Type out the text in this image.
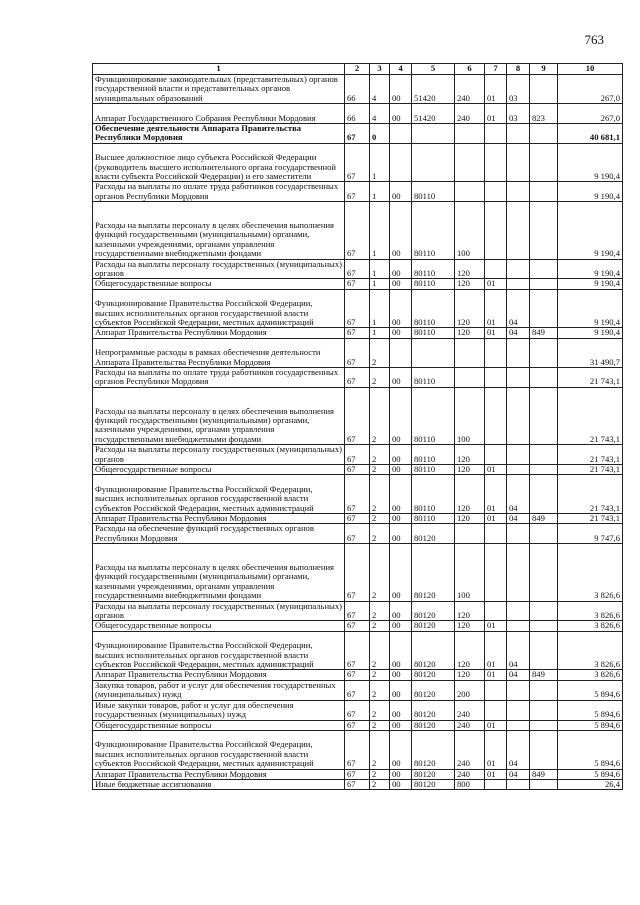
763
1	2	3	4	5	6	7	8	9	10
Функционирование законодательных (представительных) органов государственной власти и представительных органов муниципальных образований	66	4	00	51420	240	01	03		267,0
Аппарат Государственного Собрания Республики Мордовия	66	4	00	51420	240	01	03	823	267,0
Обеспечение деятельности Аппарата Правительства Республики Мордовия	67	0							40 681,1
Высшее должностное лицо субъекта Российской Федерации (руководитель высшего исполнительного органа государственной власти субъекта Российской Федерации) и его заместители	67	1							9 190,4
Расходы на выплаты по оплате труда работников государственных органов Республики Мордовия	67	1	00	80110					9 190,4
Расходы на выплаты персоналу в целях обеспечения выполнения функций государственными (муниципальными) органами, казенными учреждениями, органами управления государственными внебюджетными фондами	67	1	00	80110	100				9 190,4
Расходы на выплаты персоналу государственных (муниципальных) органов	67	1	00	80110	120				9 190,4
Общегосударственные вопросы	67	1	00	80110	120	01			9 190,4
Функционирование Правительства Российской Федерации, высших исполнительных органов государственной власти субъектов Российской Федерации, местных администраций	67	1	00	80110	120	01	04		9 190,4
Аппарат Правительства Республики Мордовия	67	1	00	80110	120	01	04	849	9 190,4
Непрограммные расходы в рамках обеспечения деятельности Аппарата Правительства Республики Мордовия	67	2							31 490,7
Расходы на выплаты по оплате труда работников государственных органов Республики Мордовия	67	2	00	80110					21 743,1
Расходы на выплаты персоналу в целях обеспечения выполнения функций государственными (муниципальными) органами, казенными учреждениями, органами управления государственными внебюджетными фондами	67	2	00	80110	100				21 743,1
Расходы на выплаты персоналу государственных (муниципальных) органов	67	2	00	80110	120				21 743,1
Общегосударственные вопросы	67	2	00	80110	120	01			21 743,1
Функционирование Правительства Российской Федерации, высших исполнительных органов государственной власти субъектов Российской Федерации, местных администраций	67	2	00	80110	120	01	04		21 743,1
Аппарат Правительства Республики Мордовия	67	2	00	80110	120	01	04	849	21 743,1
Расходы на обеспечение функций государственных органов Республики Мордовия	67	2	00	80120					9 747,6
Расходы на выплаты персоналу в целях обеспечения выполнения функций государственными (муниципальными) органами, казенными учреждениями, органами управления государственными внебюджетными фондами	67	2	00	80120	100				3 826,6
Расходы на выплаты персоналу государственных (муниципальных) органов	67	2	00	80120	120				3 826,6
Общегосударственные вопросы	67	2	00	80120	120	01			3 826,6
Функционирование Правительства Российской Федерации, высших исполнительных органов государственной власти субъектов Российской Федерации, местных администраций	67	2	00	80120	120	01	04		3 826,6
Аппарат Правительства Республики Мордовия	67	2	00	80120	120	01	04	849	3 826,6
Закупка товаров, работ и услуг для обеспечения государственных (муниципальных) нужд	67	2	00	80120	200				5 894,6
Иные закупки товаров, работ и услуг для обеспечения государственных (муниципальных) нужд	67	2	00	80120	240				5 894,6
Общегосударственные вопросы	67	2	00	80120	240	01			5 894,6
Функционирование Правительства Российской Федерации, высших исполнительных органов государственной власти субъектов Российской Федерации, местных администраций	67	2	00	80120	240	01	04		5 894,6
Аппарат Правительства Республики Мордовия	67	2	00	80120	240	01	04	849	5 894,6
Иные бюджетные ассигнования	67	2	00	80120	800				26,4
